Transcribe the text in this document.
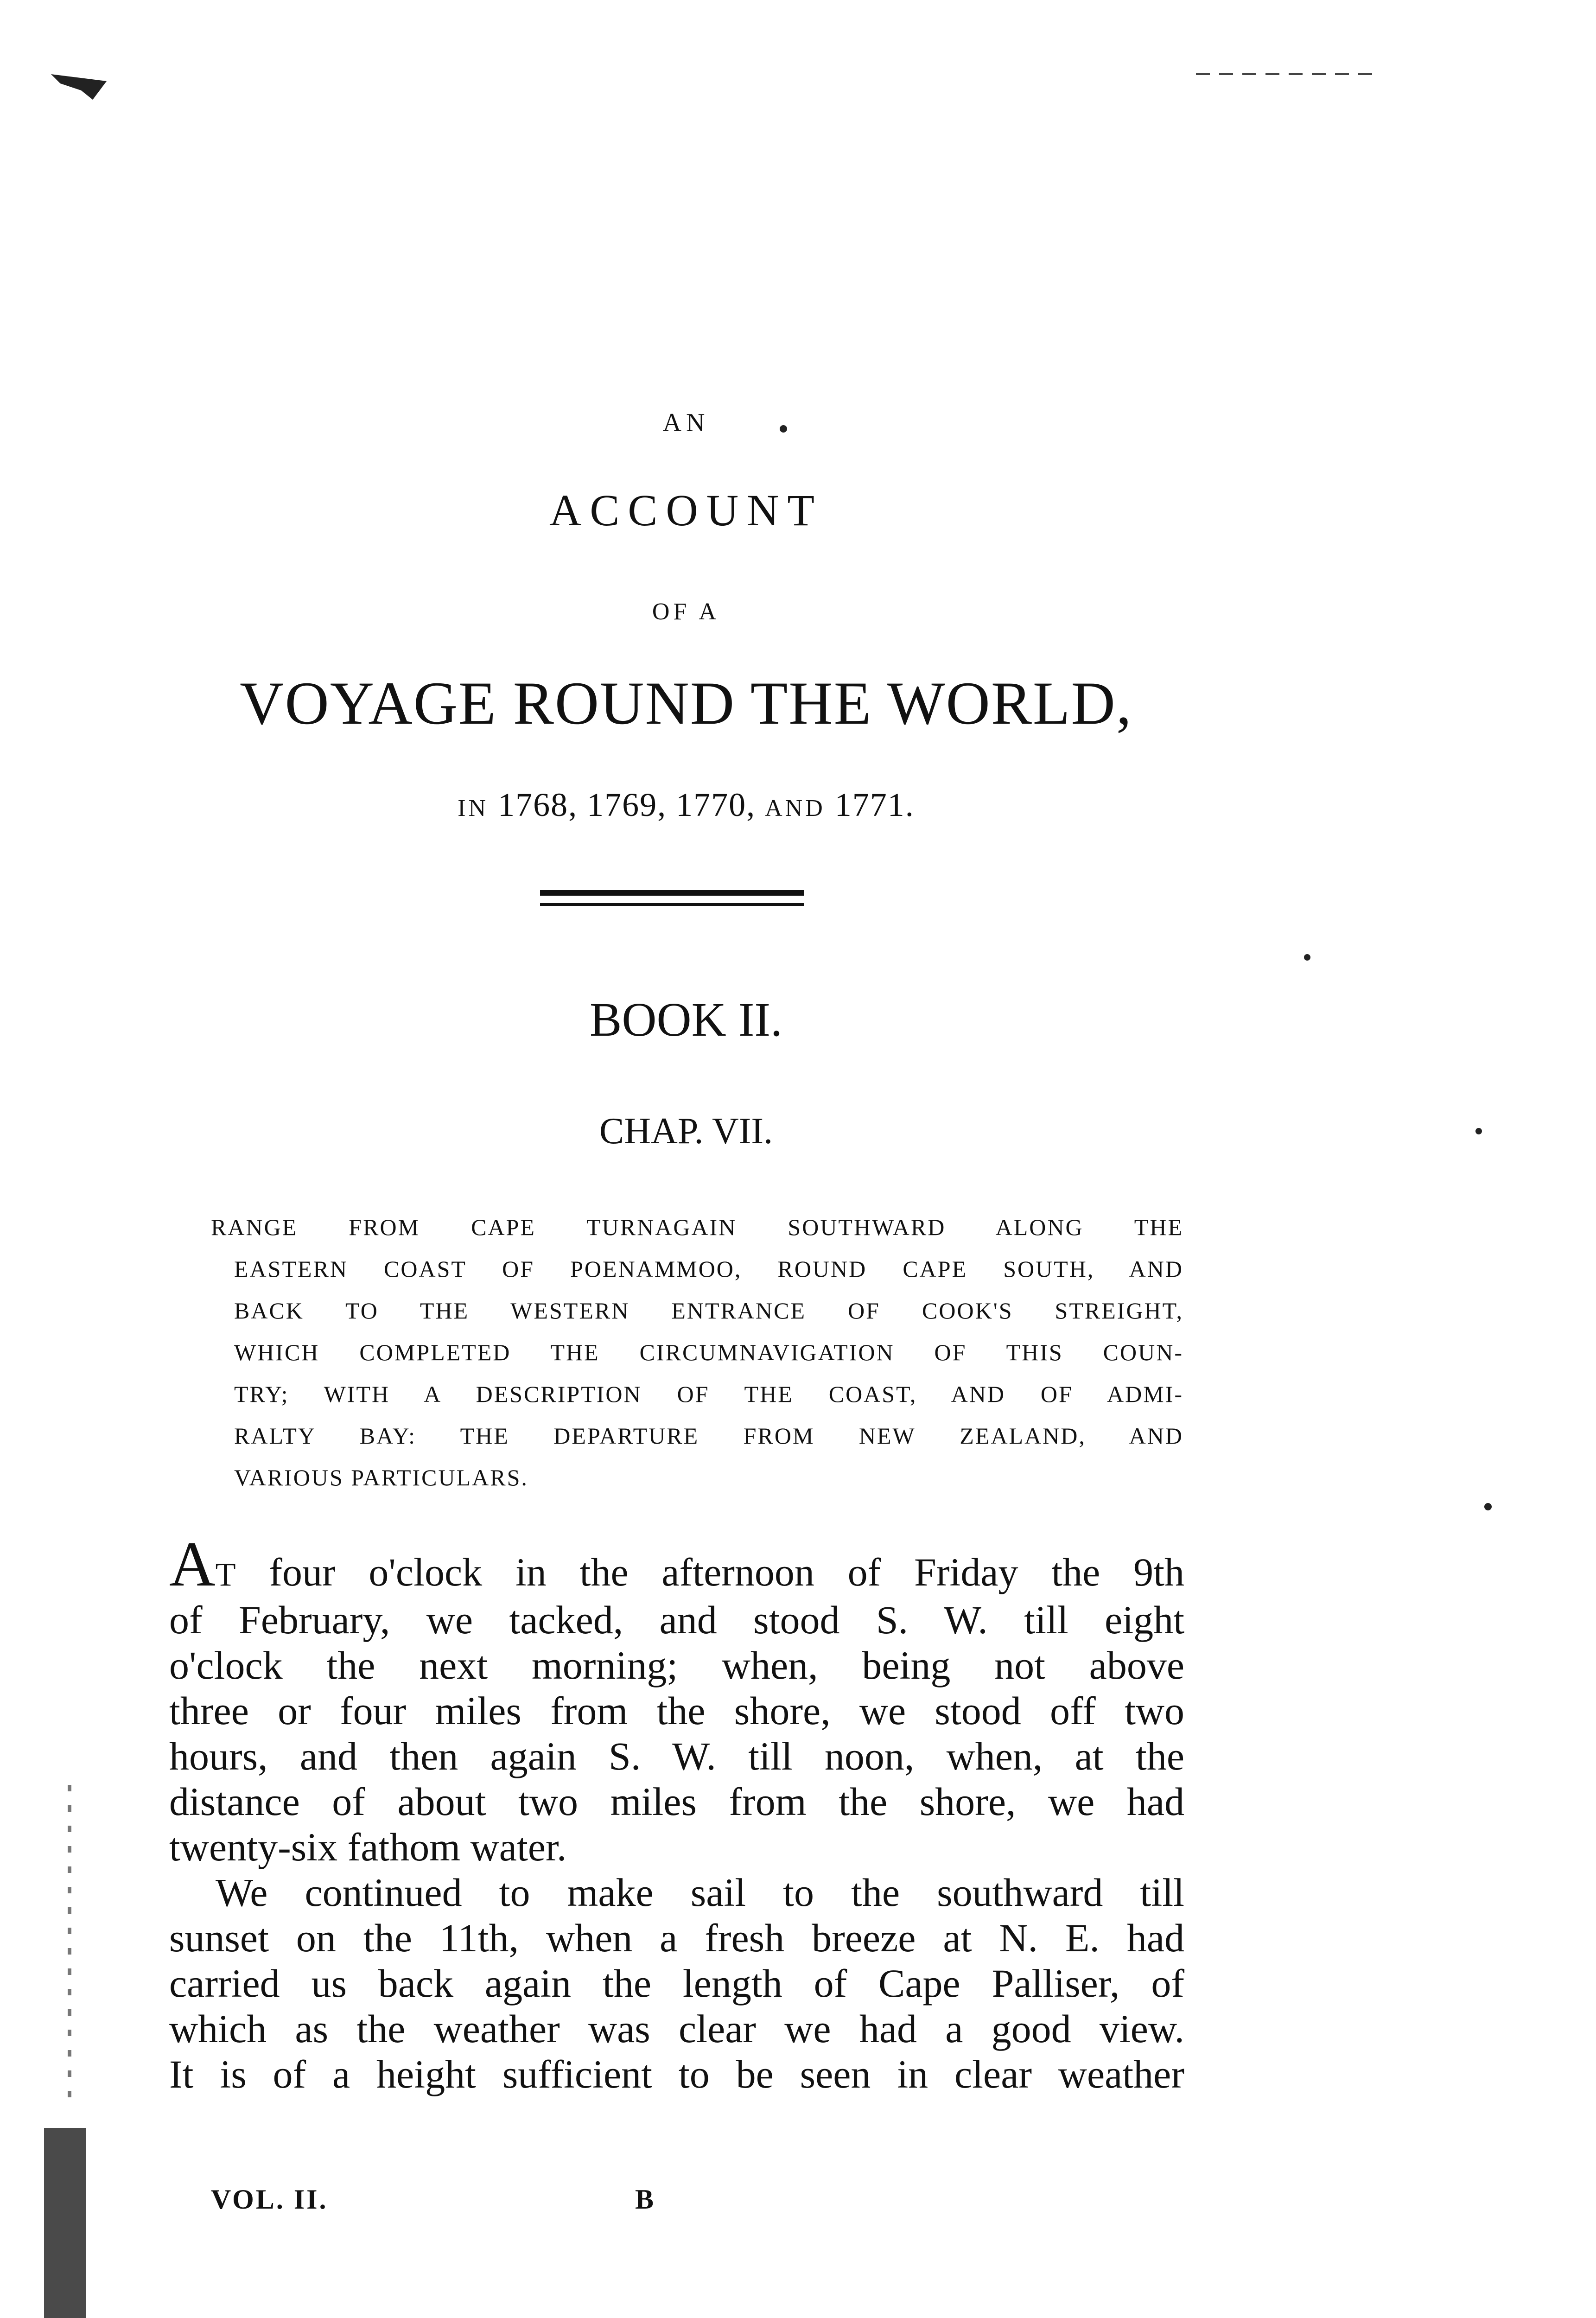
AN
ACCOUNT
OF A
VOYAGE ROUND THE WORLD,
IN 1768, 1769, 1770, AND 1771.
BOOK II.
CHAP. VII.
RANGE FROM CAPE TURNAGAIN SOUTHWARD ALONG THE
EASTERN COAST OF POENAMMOO, ROUND CAPE SOUTH, AND
BACK TO THE WESTERN ENTRANCE OF COOK'S STREIGHT,
WHICH COMPLETED THE CIRCUMNAVIGATION OF THIS COUN-
TRY; WITH A DESCRIPTION OF THE COAST, AND OF ADMI-
RALTY BAY: THE DEPARTURE FROM NEW ZEALAND, AND
VARIOUS PARTICULARS.
AT four o'clock in the afternoon of Friday the 9th
of February, we tacked, and stood S. W. till eight
o'clock the next morning; when, being not above
three or four miles from the shore, we stood off two
hours, and then again S. W. till noon, when, at the
distance of about two miles from the shore, we had
twenty-six fathom water.
We continued to make sail to the southward till
sunset on the 11th, when a fresh breeze at N. E. had
carried us back again the length of Cape Palliser, of
which as the weather was clear we had a good view.
It is of a height sufficient to be seen in clear weather
VOL. II.	B
